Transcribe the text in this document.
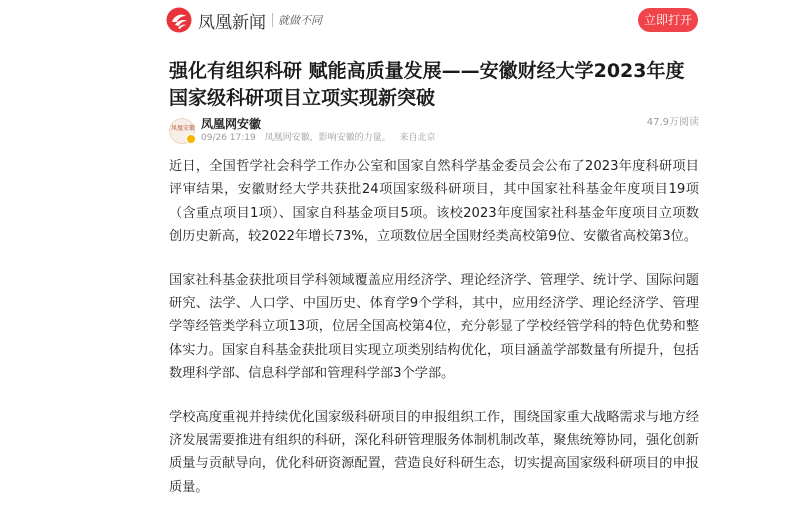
凤凰新闻 就做不同	立即打开
强化有组织科研 赋能高质量发展——安徽财经大学2023年度国家级科研项目立项实现新突破
凤凰安徽 凤凰网安徽
09/26 17:19 凤凰网安徽，影响安徽的力量。 来自北京
47.9万阅读

近日，全国哲学社会科学工作办公室和国家自然科学基金委员会公布了2023年度科研项目评审结果，安徽财经大学共获批24项国家级科研项目，其中国家社科基金年度项目19项（含重点项目1项）、国家自科基金项目5项。该校2023年度国家社科基金年度项目立项数创历史新高，较2022年增长73%，立项数位居全国财经类高校第9位、安徽省高校第3位。

国家社科基金获批项目学科领域覆盖应用经济学、理论经济学、管理学、统计学、国际问题研究、法学、人口学、中国历史、体育学9个学科，其中，应用经济学、理论经济学、管理学等经管类学科立项13项，位居全国高校第4位，充分彰显了学校经管学科的特色优势和整体实力。国家自科基金获批项目实现立项类别结构优化，项目涵盖学部数量有所提升，包括数理科学部、信息科学部和管理科学部3个学部。

学校高度重视并持续优化国家级科研项目的申报组织工作，围绕国家重大战略需求与地方经济发展需要推进有组织的科研，深化科研管理服务体制机制改革，聚焦统筹协同，强化创新质量与贡献导向，优化科研资源配置，营造良好科研生态，切实提高国家级科研项目的申报质量。
